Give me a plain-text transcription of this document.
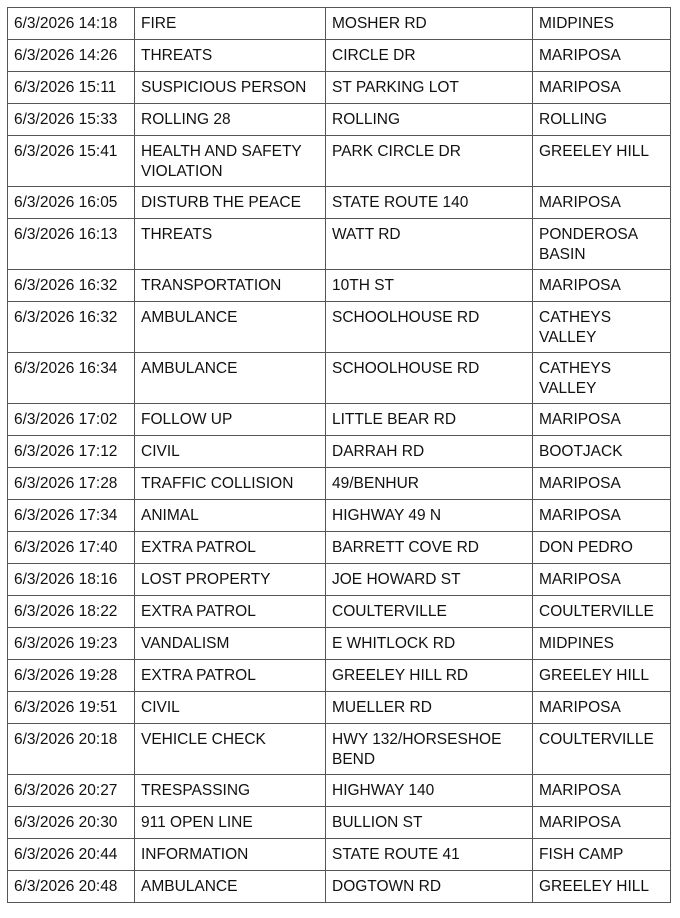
6/3/2026 14:18	FIRE	MOSHER RD	MIDPINES
6/3/2026 14:26	THREATS	CIRCLE DR	MARIPOSA
6/3/2026 15:11	SUSPICIOUS PERSON	ST PARKING LOT	MARIPOSA
6/3/2026 15:33	ROLLING 28	ROLLING	ROLLING
6/3/2026 15:41	HEALTH AND SAFETY VIOLATION	PARK CIRCLE DR	GREELEY HILL
6/3/2026 16:05	DISTURB THE PEACE	STATE ROUTE 140	MARIPOSA
6/3/2026 16:13	THREATS	WATT RD	PONDEROSA BASIN
6/3/2026 16:32	TRANSPORTATION	10TH ST	MARIPOSA
6/3/2026 16:32	AMBULANCE	SCHOOLHOUSE RD	CATHEYS VALLEY
6/3/2026 16:34	AMBULANCE	SCHOOLHOUSE RD	CATHEYS VALLEY
6/3/2026 17:02	FOLLOW UP	LITTLE BEAR RD	MARIPOSA
6/3/2026 17:12	CIVIL	DARRAH RD	BOOTJACK
6/3/2026 17:28	TRAFFIC COLLISION	49/BENHUR	MARIPOSA
6/3/2026 17:34	ANIMAL	HIGHWAY 49 N	MARIPOSA
6/3/2026 17:40	EXTRA PATROL	BARRETT COVE RD	DON PEDRO
6/3/2026 18:16	LOST PROPERTY	JOE HOWARD ST	MARIPOSA
6/3/2026 18:22	EXTRA PATROL	COULTERVILLE	COULTERVILLE
6/3/2026 19:23	VANDALISM	E WHITLOCK RD	MIDPINES
6/3/2026 19:28	EXTRA PATROL	GREELEY HILL RD	GREELEY HILL
6/3/2026 19:51	CIVIL	MUELLER RD	MARIPOSA
6/3/2026 20:18	VEHICLE CHECK	HWY 132/HORSESHOE BEND	COULTERVILLE
6/3/2026 20:27	TRESPASSING	HIGHWAY 140	MARIPOSA
6/3/2026 20:30	911 OPEN LINE	BULLION ST	MARIPOSA
6/3/2026 20:44	INFORMATION	STATE ROUTE 41	FISH CAMP
6/3/2026 20:48	AMBULANCE	DOGTOWN RD	GREELEY HILL
